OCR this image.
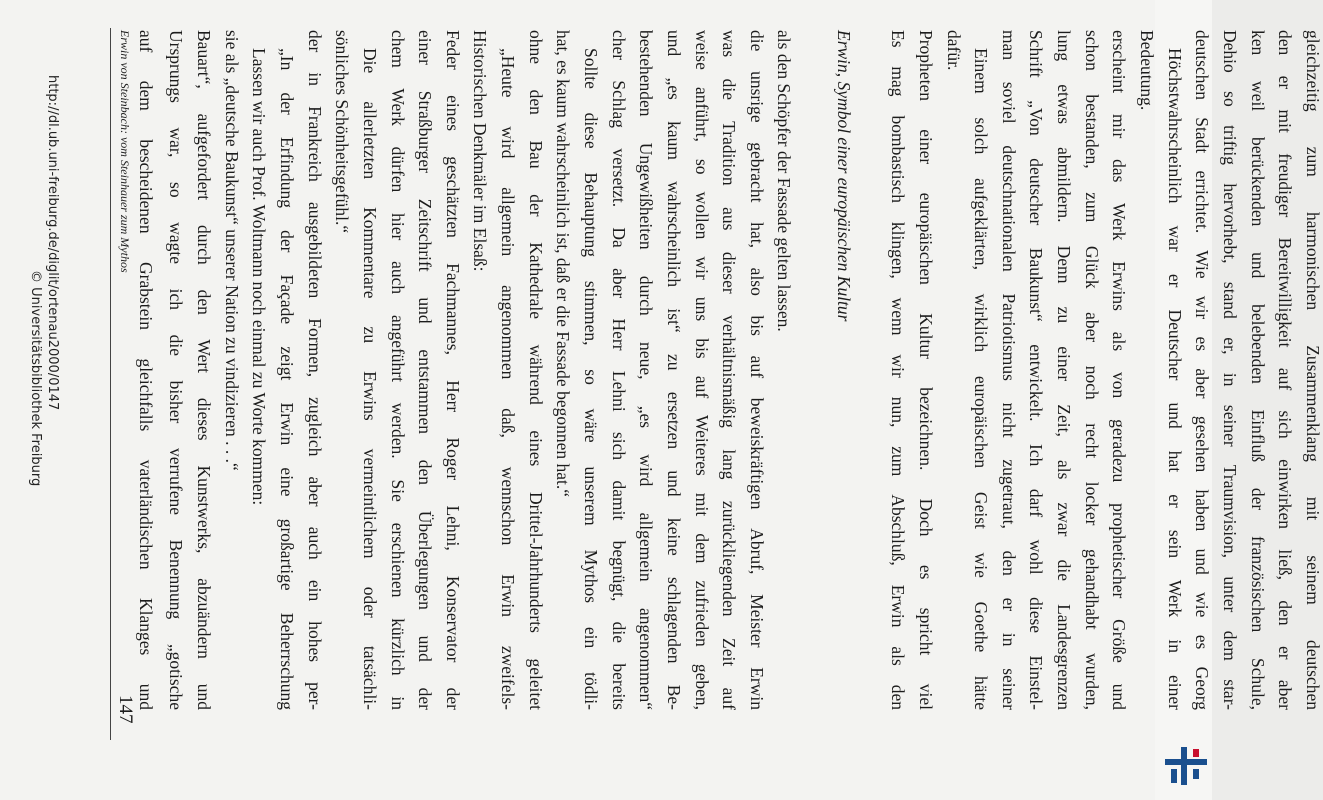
Erwin von Steinbach: vom Steinhauer zum Mythos
147 auf dem bescheidenen Grabstein gleichfalls vaterländischen Klanges und Ursprungs war, so wagte ich die bisher verrufene Benennung „gotische Bauart“, aufgefordert durch den Wert dieses Kunstwerks, abzuändern und sie als „deutsche Baukunst“ unserer Nation zu vindizieren . . .“ Lassen wir auch Prof. Woltmann noch einmal zu Worte kommen: „In der Erfindung der Façade zeigt Erwin eine großartige Beherrschung der in Frankreich ausgebildeten Formen, zugleich aber auch ein hohes per- sönliches Schönheitsgefühl.“ Die allerletzten Kommentare zu Erwins vermeintlichem oder tatsächli- chem Werk dürfen hier auch angeführt werden. Sie erschienen kürzlich in einer Straßburger Zeitschrift und entstammen den Überlegungen und der Feder eines geschätzten Fachmannes, Herr Roger Lehni, Konservator der Historischen Denkmäler im Elsaß: „Heute wird allgemein angenommen daß, wennschon Erwin zweifels- ohne den Bau der Kathedrale während eines Drittel-Jahrhunderts geleitet hat, es kaum wahrscheinlich ist, daß er die Fassade begonnen hat.“ Sollte diese Behauptung stimmen, so wäre unserem Mythos ein tödli- cher Schlag versetzt. Da aber Herr Lehni sich damit begnügt, die bereits bestehenden Ungewißheiten durch neue, „es wird allgemein angenommen“ und „es kaum wahrscheinlich ist“ zu ersetzen und keine schlagenden Be- weise anführt, so wollen wir uns bis auf Weiteres mit dem zufrieden geben, was die Tradition aus dieser verhältnismäßig lang zurückliegenden Zeit auf die unsrige gebracht hat, also bis auf beweiskräftigen Abruf, Meister Erwin als den Schöpfer der Fassade gelten lassen. Erwin, Symbol einer europäischen Kultur Es mag bombastisch klingen, wenn wir nun, zum Abschluß, Erwin als den Propheten einer europäischen Kultur bezeichnen. Doch es spricht viel dafür. Einem solch aufgeklärten, wirklich europäischen Geist wie Goethe hätte man soviel deutschnationalen Patriotismus nicht zugetraut, den er in seiner Schrift „Von deutscher Baukunst“ entwickelt. Ich darf wohl diese Einstel- lung etwas abmildern. Denn zu einer Zeit, als zwar die Landesgrenzen schon bestanden, zum Glück aber noch recht locker gehandhabt wurden, erscheint mir das Werk Erwins als von geradezu prophetischer Größe und Bedeutung. Höchstwahrscheinlich war er Deutscher und hat er sein Werk in einer deutschen Stadt errichtet. Wie wir es aber gesehen haben und wie es Georg Dehio so triftig hervorhebt, stand er, in seiner Traumvision, unter dem star- ken weil berückenden und belebenden Einfluß der französischen Schule, den er mit freudiger Bereitwilligkeit auf sich einwirken ließ, den er aber gleichzeitig zum harmonischen Zusammenklang mit seinem deutschen
http://dl.ub.uni-freiburg.de/diglit/ortenau2000/0147
© Universitätsbibliothek Freiburg
